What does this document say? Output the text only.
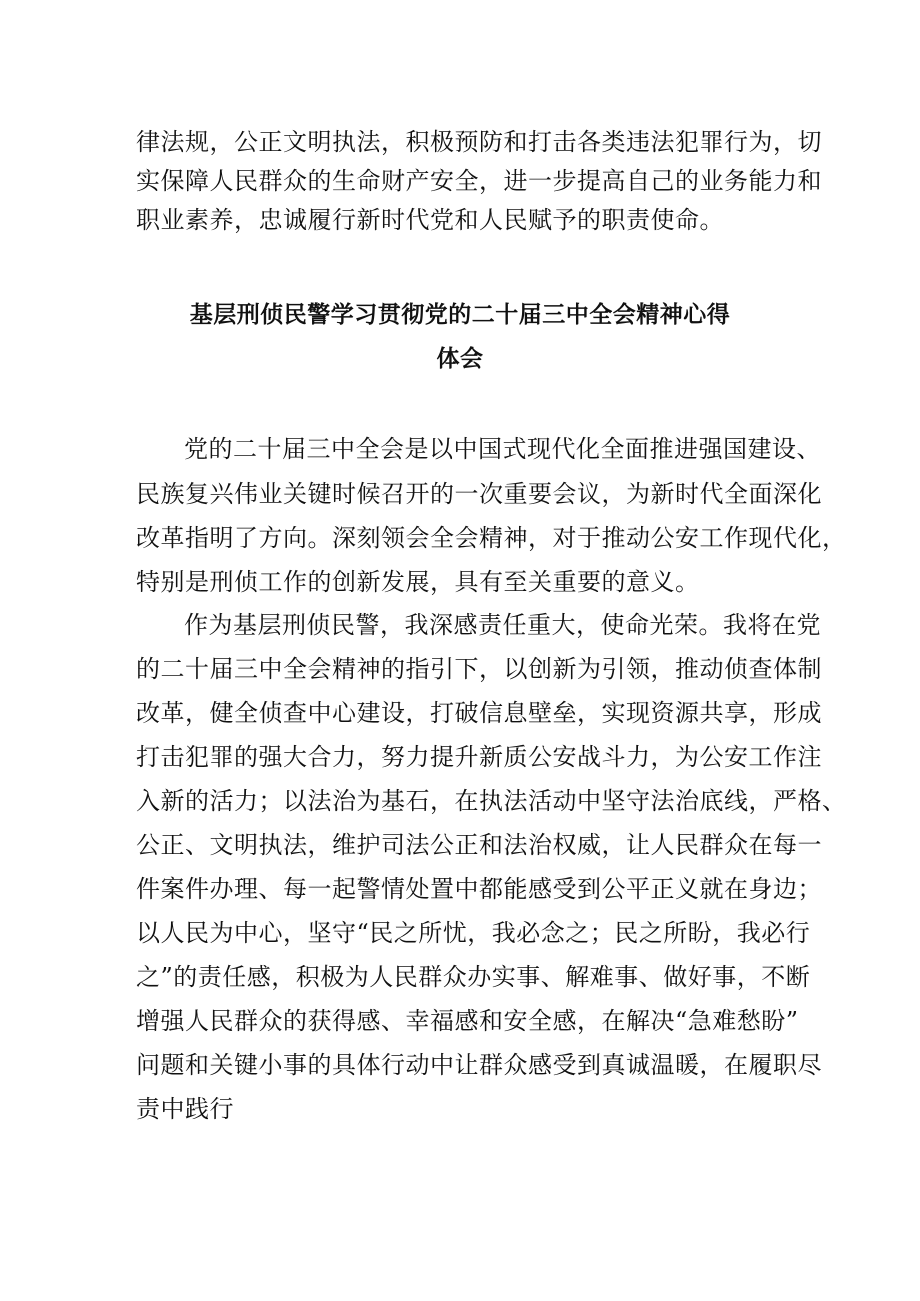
律法规，公正文明执法，积极预防和打击各类违法犯罪行为，切
实保障人民群众的生命财产安全，进一步提高自己的业务能力和
职业素养，忠诚履行新时代党和人民赋予的职责使命。
基层刑侦民警学习贯彻党的二十届三中全会精神心得
体会
党的二十届三中全会是以中国式现代化全面推进强国建设、
民族复兴伟业关键时候召开的一次重要会议，为新时代全面深化
改革指明了方向。深刻领会全会精神，对于推动公安工作现代化，
特别是刑侦工作的创新发展，具有至关重要的意义。
作为基层刑侦民警，我深感责任重大，使命光荣。我将在党
的二十届三中全会精神的指引下，以创新为引领，推动侦查体制
改革，健全侦查中心建设，打破信息壁垒，实现资源共享，形成
打击犯罪的强大合力，努力提升新质公安战斗力，为公安工作注
入新的活力；以法治为基石，在执法活动中坚守法治底线，严格、
公正、文明执法，维护司法公正和法治权威，让人民群众在每一
件案件办理、每一起警情处置中都能感受到公平正义就在身边；
以人民为中心，坚守“民之所忧，我必念之；民之所盼，我必行
之”的责任感，积极为人民群众办实事、解难事、做好事，不断
增强人民群众的获得感、幸福感和安全感，在解决“急难愁盼”
问题和关键小事的具体行动中让群众感受到真诚温暖，在履职尽
责中践行
